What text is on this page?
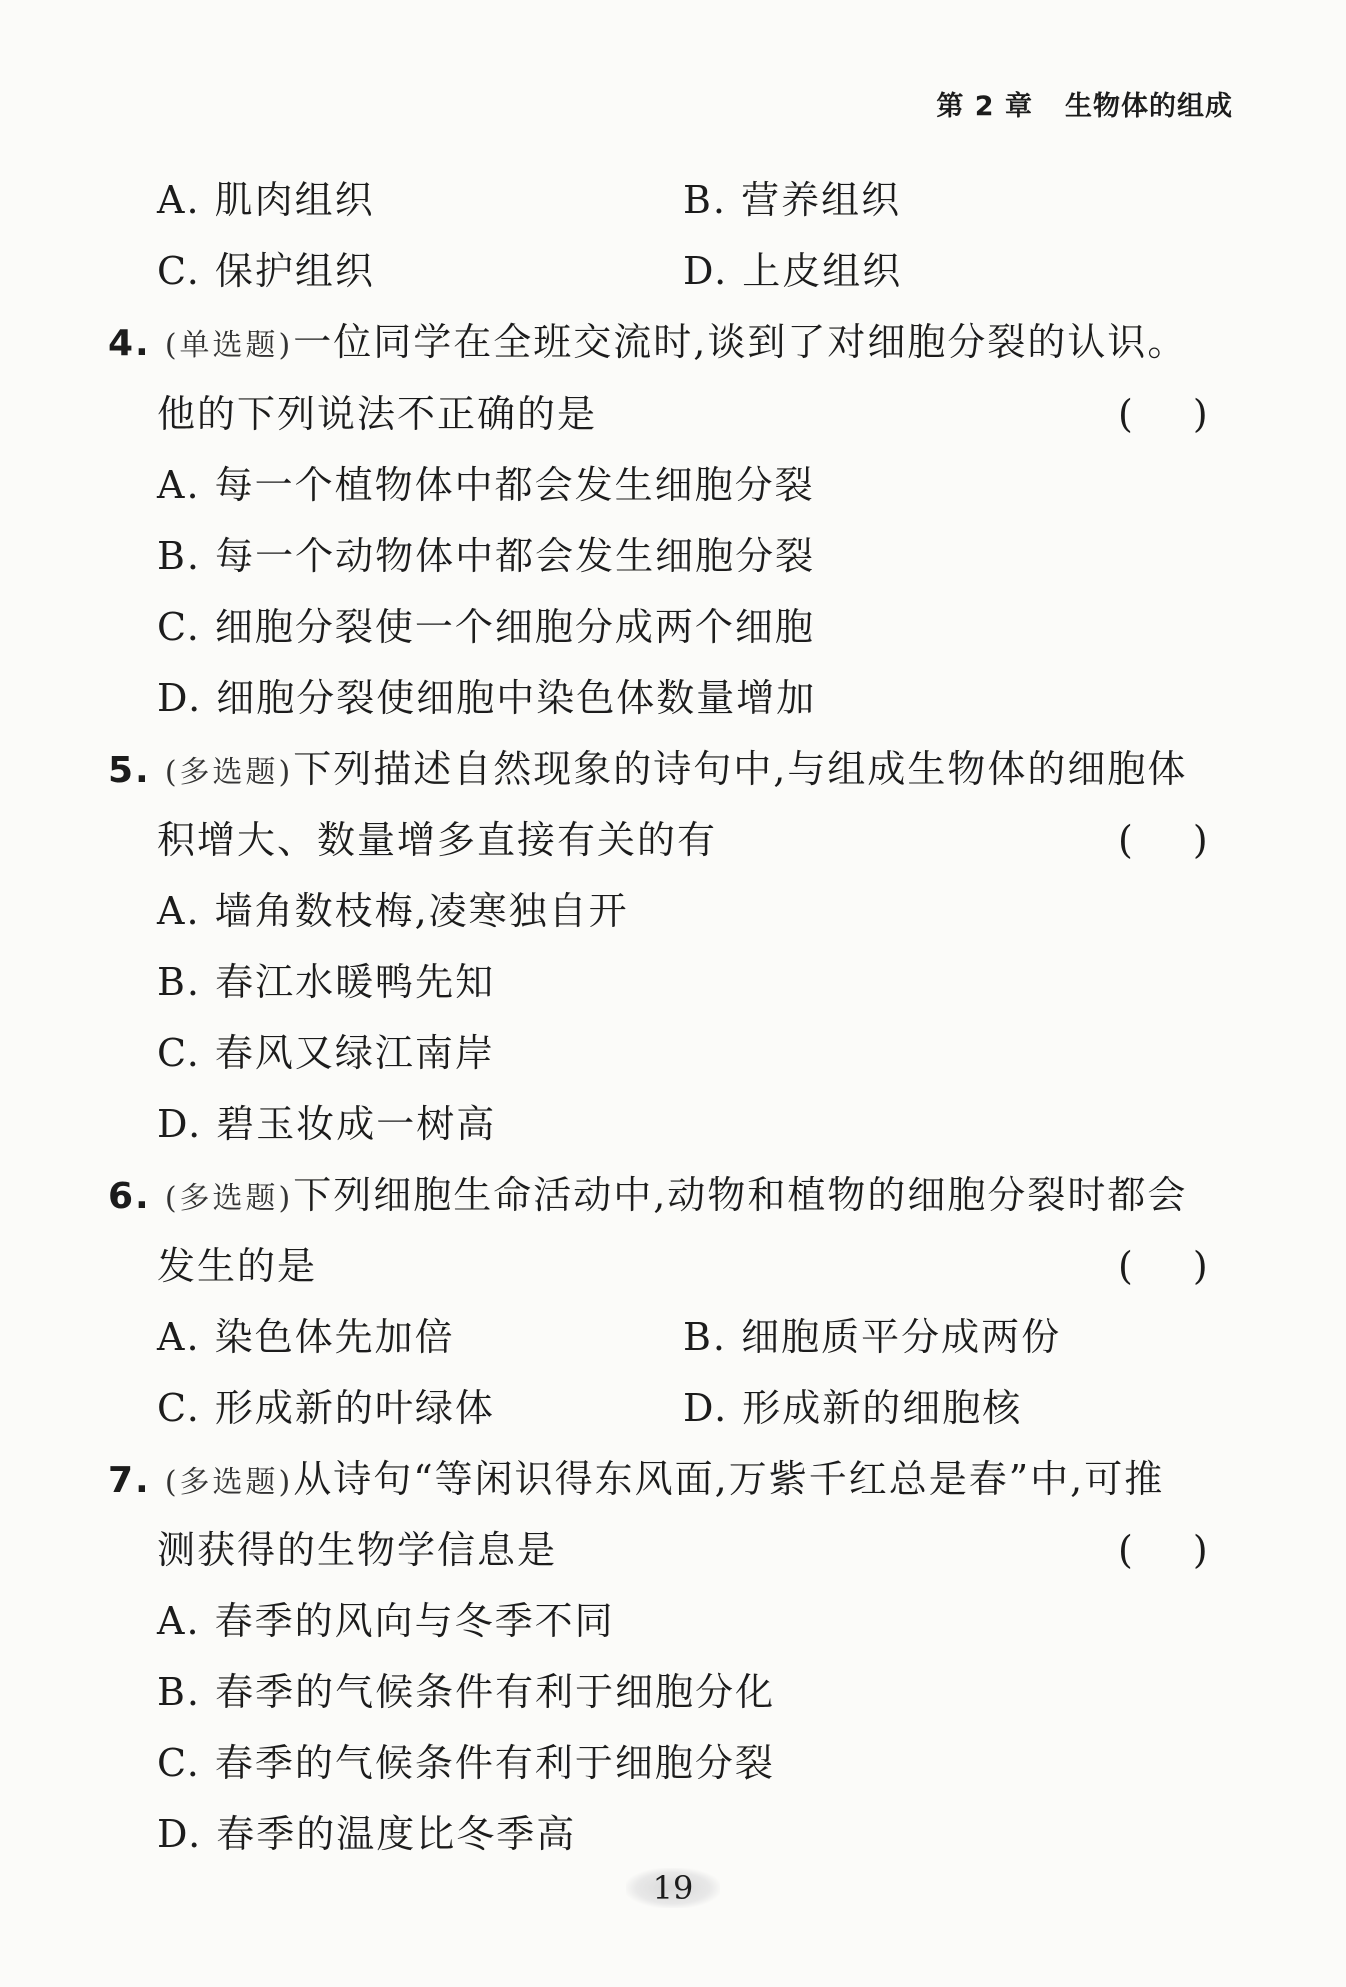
第 2 章 生物体的组成
A. 肌肉组织	B. 营养组织
C. 保护组织	D. 上皮组织
4. (单选题)一位同学在全班交流时,谈到了对细胞分裂的认识。
他的下列说法不正确的是	( )
A. 每一个植物体中都会发生细胞分裂
B. 每一个动物体中都会发生细胞分裂
C. 细胞分裂使一个细胞分成两个细胞
D. 细胞分裂使细胞中染色体数量增加
5. (多选题)下列描述自然现象的诗句中,与组成生物体的细胞体
积增大、数量增多直接有关的有	( )
A. 墙角数枝梅,凌寒独自开
B. 春江水暖鸭先知
C. 春风又绿江南岸
D. 碧玉妆成一树高
6. (多选题)下列细胞生命活动中,动物和植物的细胞分裂时都会
发生的是	( )
A. 染色体先加倍	B. 细胞质平分成两份
C. 形成新的叶绿体	D. 形成新的细胞核
7. (多选题)从诗句“等闲识得东风面,万紫千红总是春”中,可推
测获得的生物学信息是	( )
A. 春季的风向与冬季不同
B. 春季的气候条件有利于细胞分化
C. 春季的气候条件有利于细胞分裂
D. 春季的温度比冬季高
19
